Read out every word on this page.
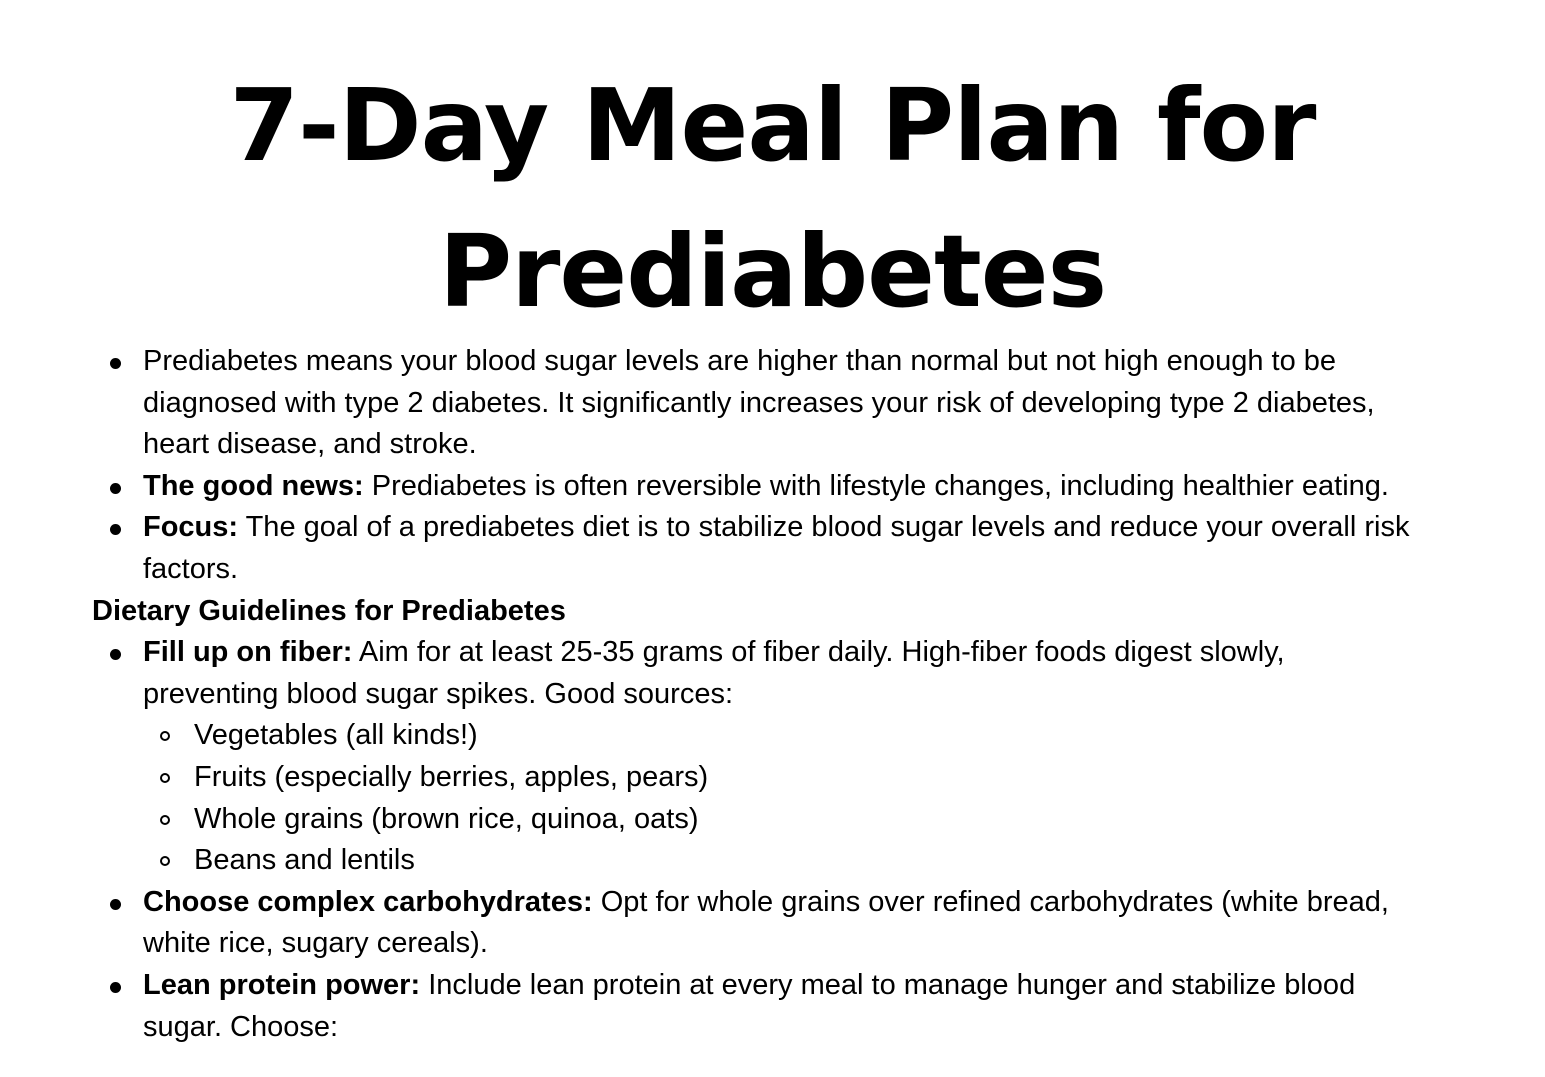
7-Day Meal Plan for
Prediabetes
Prediabetes means your blood sugar levels are higher than normal but not high enough to be diagnosed with type 2 diabetes. It significantly increases your risk of developing type 2 diabetes, heart disease, and stroke.
The good news: Prediabetes is often reversible with lifestyle changes, including healthier eating.
Focus: The goal of a prediabetes diet is to stabilize blood sugar levels and reduce your overall risk factors.
Dietary Guidelines for Prediabetes
Fill up on fiber: Aim for at least 25-35 grams of fiber daily. High-fiber foods digest slowly, preventing blood sugar spikes. Good sources:
Vegetables (all kinds!)
Fruits (especially berries, apples, pears)
Whole grains (brown rice, quinoa, oats)
Beans and lentils
Choose complex carbohydrates: Opt for whole grains over refined carbohydrates (white bread, white rice, sugary cereals).
Lean protein power: Include lean protein at every meal to manage hunger and stabilize blood sugar. Choose:
